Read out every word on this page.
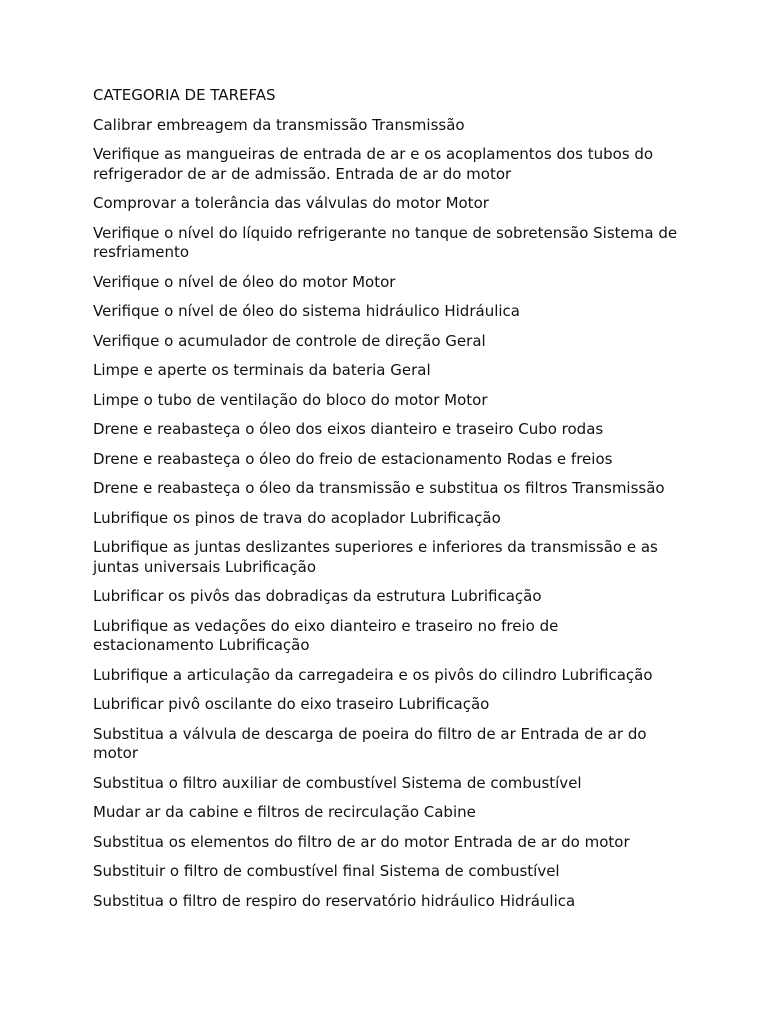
CATEGORIA DE TAREFAS
Calibrar embreagem da transmissão Transmissão
Verifique as mangueiras de entrada de ar e os acoplamentos dos tubos do refrigerador de ar de admissão. Entrada de ar do motor
Comprovar a tolerância das válvulas do motor Motor
Verifique o nível do líquido refrigerante no tanque de sobretensão Sistema de resfriamento
Verifique o nível de óleo do motor Motor
Verifique o nível de óleo do sistema hidráulico Hidráulica
Verifique o acumulador de controle de direção Geral
Limpe e aperte os terminais da bateria Geral
Limpe o tubo de ventilação do bloco do motor Motor
Drene e reabasteça o óleo dos eixos dianteiro e traseiro Cubo rodas
Drene e reabasteça o óleo do freio de estacionamento Rodas e freios
Drene e reabasteça o óleo da transmissão e substitua os filtros Transmissão
Lubrifique os pinos de trava do acoplador Lubrificação
Lubrifique as juntas deslizantes superiores e inferiores da transmissão e as juntas universais Lubrificação
Lubrificar os pivôs das dobradiças da estrutura Lubrificação
Lubrifique as vedações do eixo dianteiro e traseiro no freio de estacionamento Lubrificação
Lubrifique a articulação da carregadeira e os pivôs do cilindro Lubrificação
Lubrificar pivô oscilante do eixo traseiro Lubrificação
Substitua a válvula de descarga de poeira do filtro de ar Entrada de ar do motor
Substitua o filtro auxiliar de combustível Sistema de combustível
Mudar ar da cabine e filtros de recirculação Cabine
Substitua os elementos do filtro de ar do motor Entrada de ar do motor
Substituir o filtro de combustível final Sistema de combustível
Substitua o filtro de respiro do reservatório hidráulico Hidráulica
